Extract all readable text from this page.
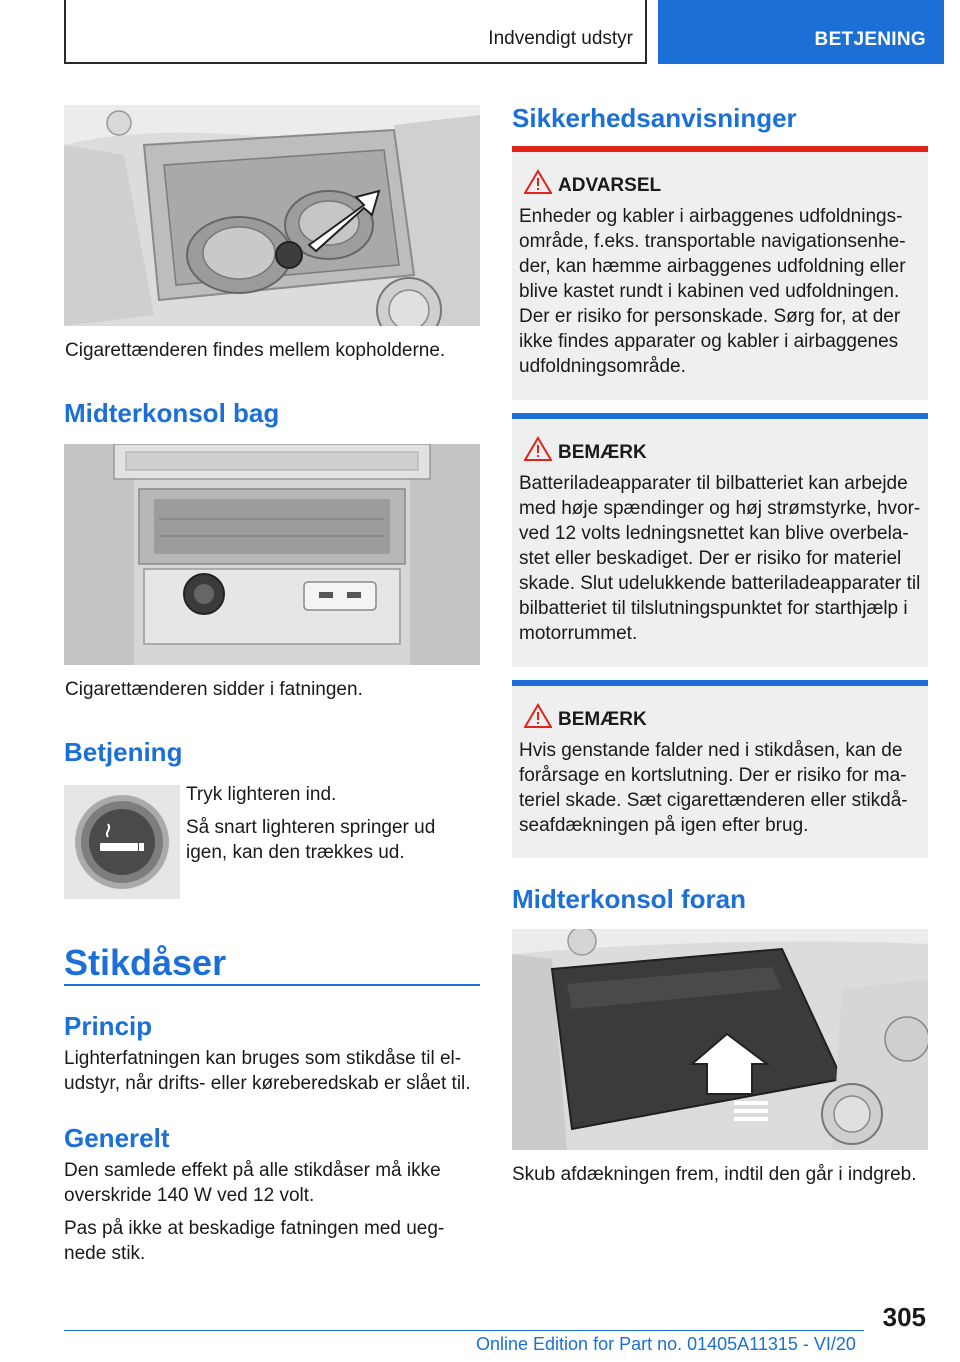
Indvendigt udstyr	BETJENING
Cigarettænderen findes mellem kopholderne.
Midterkonsol bag
Cigarettænderen sidder i fatningen.
Betjening
Tryk lighteren ind.
Så snart lighteren springer ud
igen, kan den trækkes ud.
Stikdåser
Princip
Lighterfatningen kan bruges som stikdåse til el-
udstyr, når drifts- eller køreberedskab er slået til.
Generelt
Den samlede effekt på alle stikdåser må ikke
overskride 140 W ved 12 volt.
Pas på ikke at beskadige fatningen med ueg-
nede stik.
Sikkerhedsanvisninger
ADVARSEL
Enheder og kabler i airbaggenes udfoldnings-
område, f.eks. transportable navigationsenhe-
der, kan hæmme airbaggenes udfoldning eller
blive kastet rundt i kabinen ved udfoldningen.
Der er risiko for personskade. Sørg for, at der
ikke findes apparater og kabler i airbaggenes
udfoldningsområde.
BEMÆRK
Batteriladeapparater til bilbatteriet kan arbejde
med høje spændinger og høj strømstyrke, hvor-
ved 12 volts ledningsnettet kan blive overbela-
stet eller beskadiget. Der er risiko for materiel
skade. Slut udelukkende batteriladeapparater til
bilbatteriet til tilslutningspunktet for starthjælp i
motorrummet.
BEMÆRK
Hvis genstande falder ned i stikdåsen, kan de
forårsage en kortslutning. Der er risiko for ma-
teriel skade. Sæt cigarettænderen eller stikdå-
seafdækningen på igen efter brug.
Midterkonsol foran
Skub afdækningen frem, indtil den går i indgreb.
305
Online Edition for Part no. 01405A11315 - VI/20
